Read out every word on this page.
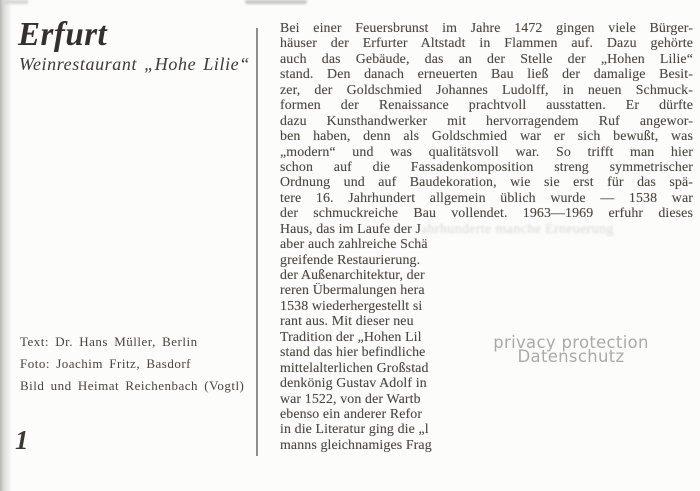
Erfurt
Weinrestaurant „Hohe Lilie“
Text: Dr. Hans Müller, Berlin
Foto: Joachim Fritz, Basdorf
Bild und Heimat Reichenbach (Vogtl)
1
Bei einer Feuersbrunst im Jahre 1472 gingen viele Bürger-
häuser der Erfurter Altstadt in Flammen auf. Dazu gehörte
auch das Gebäude, das an der Stelle der „Hohen Lilie“
stand. Den danach erneuerten Bau ließ der damalige Besit-
zer, der Goldschmied Johannes Ludolff, in neuen Schmuck-
formen der Renaissance prachtvoll ausstatten. Er dürfte
dazu Kunsthandwerker mit hervorragendem Ruf angewor-
ben haben, denn als Goldschmied war er sich bewußt, was
„modern“ und was qualitätsvoll war. So trifft man hier
schon auf die Fassadenkomposition streng symmetrischer
Ordnung und auf Baudekoration, wie sie erst für das spä-
tere 16. Jahrhundert allgemein üblich wurde — 1538 war
der schmuckreiche Bau vollendet. 1963—1969 erfuhr dieses
Haus, das im Laufe der Jahrhunderte manche Erneuerung
aber auch zahlreiche Schä
greifende Restaurierung.
der Außenarchitektur, der
reren Übermalungen hera
1538 wiederhergestellt si
rant aus. Mit dieser neu
Tradition der „Hohen Lil
stand das hier befindliche
mittelalterlichen Großstad
denkönig Gustav Adolf in
war 1522, von der Wartb
ebenso ein anderer Refor
in die Literatur ging die „l
manns gleichnamiges Frag
privacy protection
Datenschutz
